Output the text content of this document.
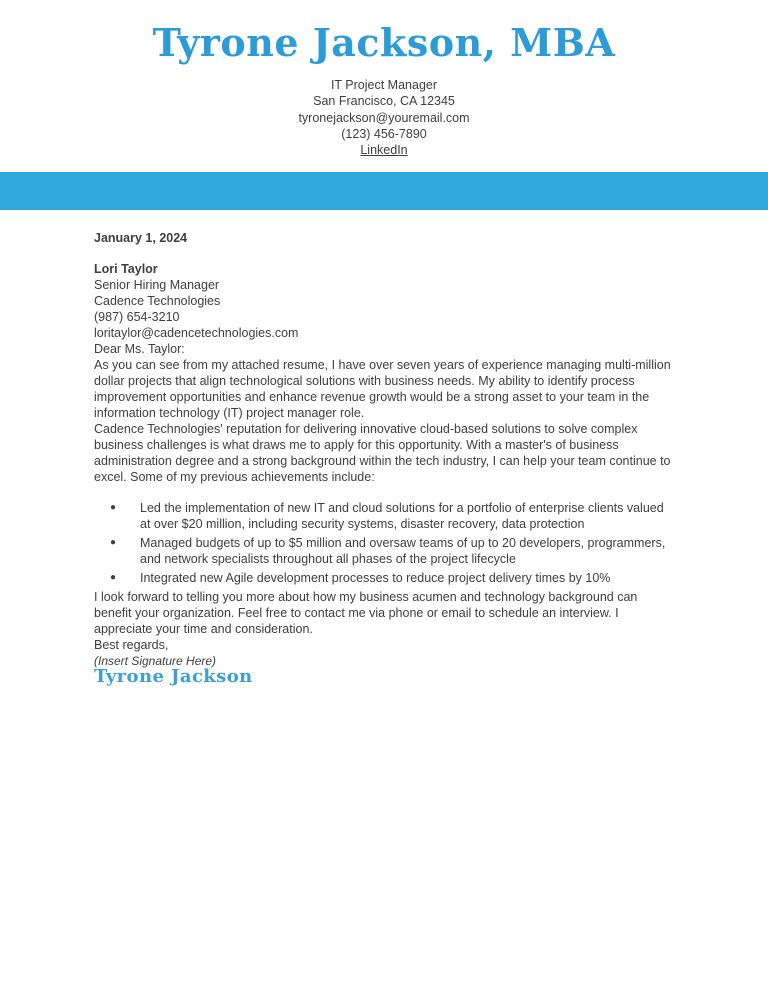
Tyrone Jackson, MBA
IT Project Manager
San Francisco, CA 12345
tyronejackson@youremail.com
(123) 456-7890
LinkedIn

January 1, 2024

Lori Taylor

Senior Hiring Manager

Cadence Technologies

(987) 654-3210

loritaylor@cadencetechnologies.com

Dear Ms. Taylor:

As you can see from my attached resume, I have over seven years of experience managing multi-million dollar projects that align technological solutions with business needs. My ability to identify process improvement opportunities and enhance revenue growth would be a strong asset to your team in the information technology (IT) project manager role.

Cadence Technologies' reputation for delivering innovative cloud-based solutions to solve complex business challenges is what draws me to apply for this opportunity. With a master's of business administration degree and a strong background within the tech industry, I can help your team continue to excel. Some of my previous achievements include:

● Led the implementation of new IT and cloud solutions for a portfolio of enterprise clients valued at over $20 million, including security systems, disaster recovery, data protection
● Managed budgets of up to $5 million and oversaw teams of up to 20 developers, programmers, and network specialists throughout all phases of the project lifecycle
● Integrated new Agile development processes to reduce project delivery times by 10%

I look forward to telling you more about how my business acumen and technology background can benefit your organization. Feel free to contact me via phone or email to schedule an interview. I appreciate your time and consideration.

Best regards,

(Insert Signature Here)

Tyrone Jackson
